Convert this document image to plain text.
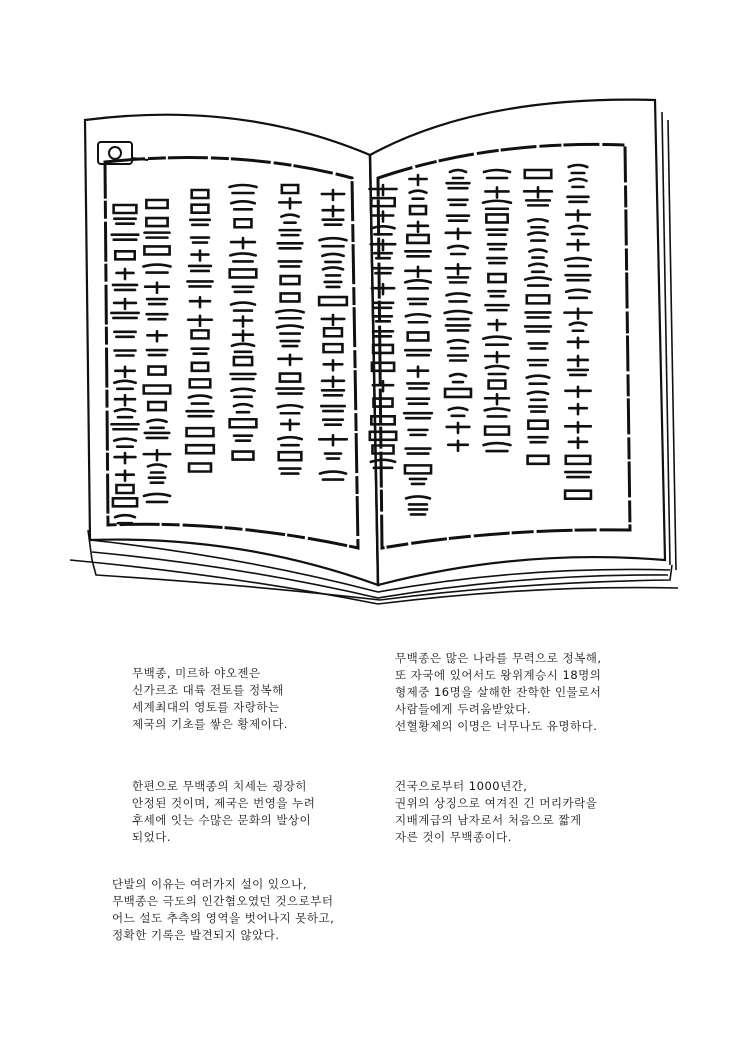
무백종, 미르하 야오젠은
신가르조 대륙 전토를 정복해
세계최대의 영토를 자랑하는
제국의 기초를 쌓은 황제이다.
무백종은 많은 나라를 무력으로 정복해,
또 자국에 있어서도 왕위계승시 18명의
형제중 16명을 살해한 잔학한 인물로서
사람들에게 두려움받았다.
선혈황제의 이명은 너무나도 유명하다.
한편으로 무백종의 치세는 굉장히
안정된 것이며, 제국은 번영을 누려
후세에 잇는 수많은 문화의 발상이
되었다.
건국으로부터 1000년간,
권위의 상징으로 여겨진 긴 머리카락을
지배계급의 남자로서 처음으로 짧게
자른 것이 무백종이다.
단발의 이유는 여러가지 설이 있으나,
무백종은 극도의 인간혐오였던 것으로부터
어느 설도 추측의 영역을 벗어나지 못하고,
정확한 기록은 발견되지 않았다.
